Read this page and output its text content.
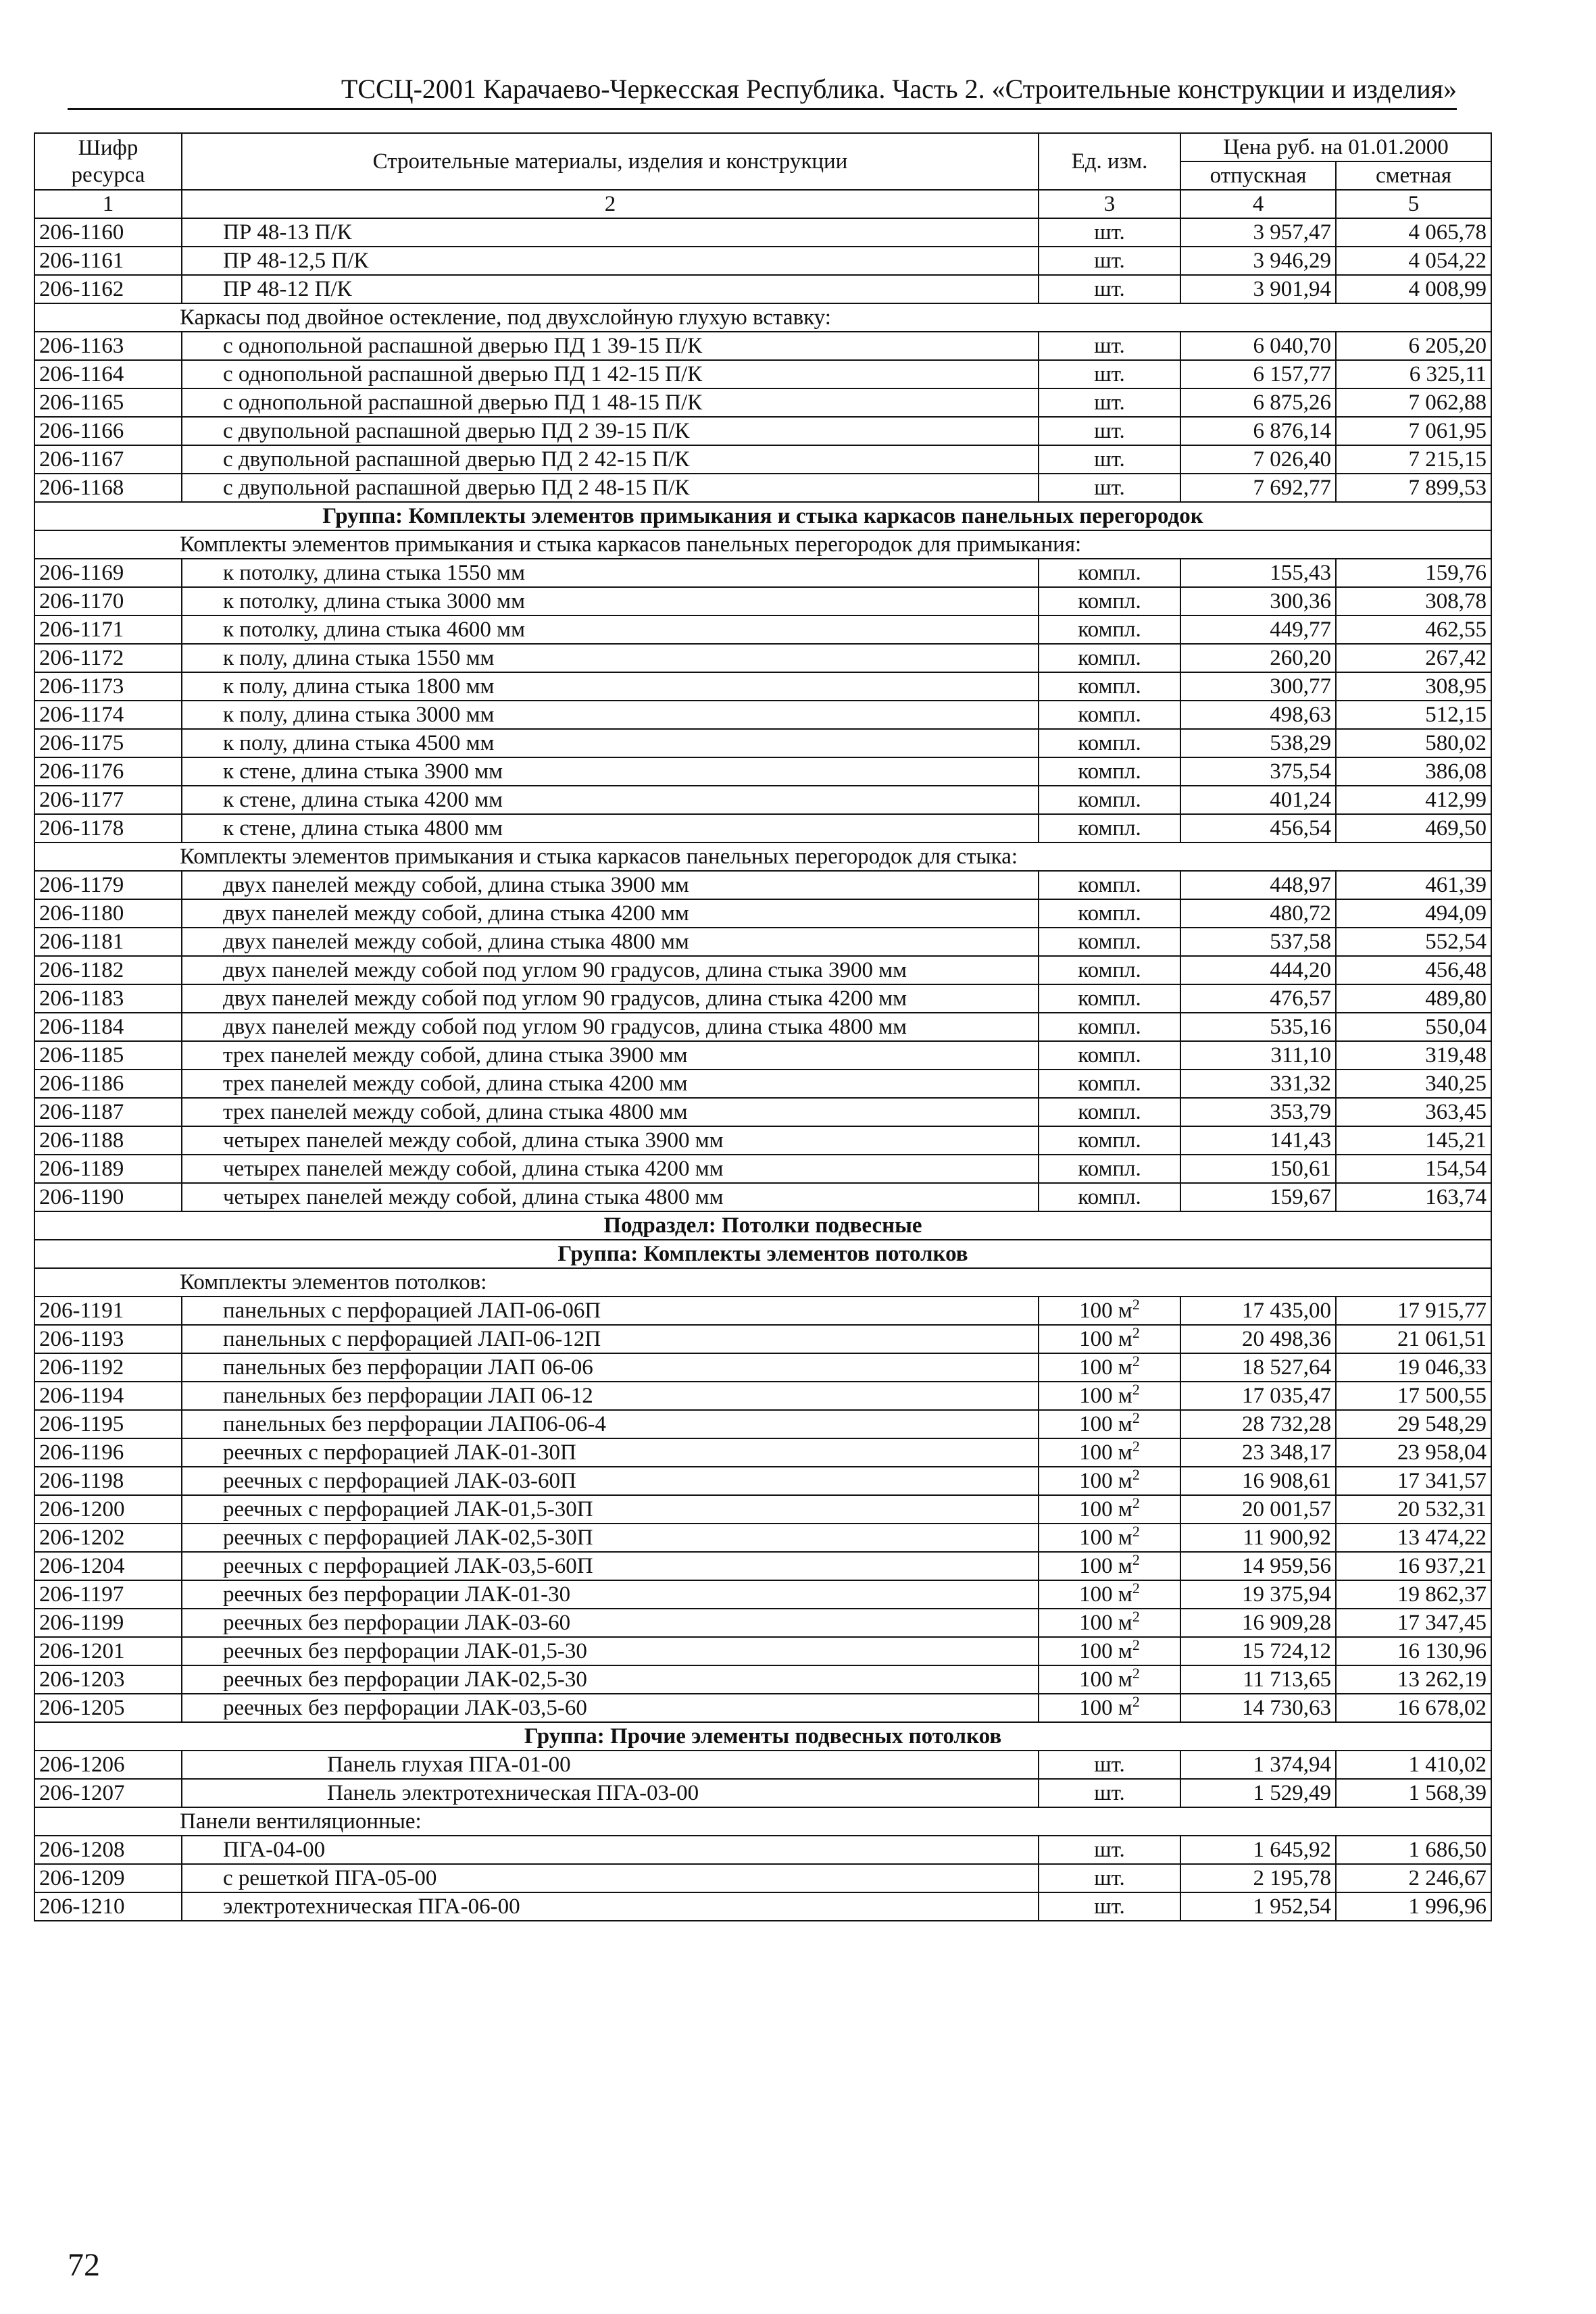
ТССЦ-2001 Карачаево-Черкесская Республика. Часть 2. «Строительные конструкции и изделия»
Шифр ресурса	Строительные материалы, изделия и конструкции	Ед. изм.	Цена руб. на 01.01.2000	
			отпускная	сметная
1	2	3	4	5
206-1160	ПР 48-13 П/К	шт.	3 957,47	4 065,78
206-1161	ПР 48-12,5 П/К	шт.	3 946,29	4 054,22
206-1162	ПР 48-12 П/К	шт.	3 901,94	4 008,99
Каркасы под двойное остекление, под двухслойную глухую вставку:				
206-1163	с однопольной распашной дверью ПД 1 39-15 П/К	шт.	6 040,70	6 205,20
206-1164	с однопольной распашной дверью ПД 1 42-15 П/К	шт.	6 157,77	6 325,11
206-1165	с однопольной распашной дверью ПД 1 48-15 П/К	шт.	6 875,26	7 062,88
206-1166	с двупольной распашной дверью ПД 2 39-15 П/К	шт.	6 876,14	7 061,95
206-1167	с двупольной распашной дверью ПД 2 42-15 П/К	шт.	7 026,40	7 215,15
206-1168	с двупольной распашной дверью ПД 2 48-15 П/К	шт.	7 692,77	7 899,53
Группа: Комплекты элементов примыкания и стыка каркасов панельных перегородок				
Комплекты элементов примыкания и стыка каркасов панельных перегородок для примыкания:				
206-1169	к потолку, длина стыка 1550 мм	компл.	155,43	159,76
206-1170	к потолку, длина стыка 3000 мм	компл.	300,36	308,78
206-1171	к потолку, длина стыка 4600 мм	компл.	449,77	462,55
206-1172	к полу, длина стыка 1550 мм	компл.	260,20	267,42
206-1173	к полу, длина стыка 1800 мм	компл.	300,77	308,95
206-1174	к полу, длина стыка 3000 мм	компл.	498,63	512,15
206-1175	к полу, длина стыка 4500 мм	компл.	538,29	580,02
206-1176	к стене, длина стыка 3900 мм	компл.	375,54	386,08
206-1177	к стене, длина стыка 4200 мм	компл.	401,24	412,99
206-1178	к стене, длина стыка 4800 мм	компл.	456,54	469,50
Комплекты элементов примыкания и стыка каркасов панельных перегородок для стыка:				
206-1179	двух панелей между собой, длина стыка 3900 мм	компл.	448,97	461,39
206-1180	двух панелей между собой, длина стыка 4200 мм	компл.	480,72	494,09
206-1181	двух панелей между собой, длина стыка 4800 мм	компл.	537,58	552,54
206-1182	двух панелей между собой под углом 90 градусов, длина стыка 3900 мм	компл.	444,20	456,48
206-1183	двух панелей между собой под углом 90 градусов, длина стыка 4200 мм	компл.	476,57	489,80
206-1184	двух панелей между собой под углом 90 градусов, длина стыка 4800 мм	компл.	535,16	550,04
206-1185	трех панелей между собой, длина стыка 3900 мм	компл.	311,10	319,48
206-1186	трех панелей между собой, длина стыка 4200 мм	компл.	331,32	340,25
206-1187	трех панелей между собой, длина стыка 4800 мм	компл.	353,79	363,45
206-1188	четырех панелей между собой, длина стыка 3900 мм	компл.	141,43	145,21
206-1189	четырех панелей между собой, длина стыка 4200 мм	компл.	150,61	154,54
206-1190	четырех панелей между собой, длина стыка 4800 мм	компл.	159,67	163,74
Подраздел: Потолки подвесные				
Группа: Комплекты элементов потолков				
Комплекты элементов потолков:				
206-1191	панельных с перфорацией ЛАП-06-06П	100 $м^2$	17 435,00	17 915,77
206-1193	панельных с перфорацией ЛАП-06-12П	100 $м^2$	20 498,36	21 061,51
206-1192	панельных без перфорации ЛАП 06-06	100 $м^2$	18 527,64	19 046,33
206-1194	панельных без перфорации ЛАП 06-12	100 $м^2$	17 035,47	17 500,55
206-1195	панельных без перфорации ЛАП06-06-4	100 $м^2$	28 732,28	29 548,29
206-1196	реечных с перфорацией ЛАК-01-30П	100 $м^2$	23 348,17	23 958,04
206-1198	реечных с перфорацией ЛАК-03-60П	100 $м^2$	16 908,61	17 341,57
206-1200	реечных с перфорацией ЛАК-01,5-30П	100 $м^2$	20 001,57	20 532,31
206-1202	реечных с перфорацией ЛАК-02,5-30П	100 $м^2$	11 900,92	13 474,22
206-1204	реечных с перфорацией ЛАК-03,5-60П	100 $м^2$	14 959,56	16 937,21
206-1197	реечных без перфорации ЛАК-01-30	100 $м^2$	19 375,94	19 862,37
206-1199	реечных без перфорации ЛАК-03-60	100 $м^2$	16 909,28	17 347,45
206-1201	реечных без перфорации ЛАК-01,5-30	100 $м^2$	15 724,12	16 130,96
206-1203	реечных без перфорации ЛАК-02,5-30	100 $м^2$	11 713,65	13 262,19
206-1205	реечных без перфорации ЛАК-03,5-60	100 $м^2$	14 730,63	16 678,02
Группа: Прочие элементы подвесных потолков				
206-1206	Панель глухая ПГА-01-00	шт.	1 374,94	1 410,02
206-1207	Панель электротехническая ПГА-03-00	шт.	1 529,49	1 568,39
Панели вентиляционные:				
206-1208	ПГА-04-00	шт.	1 645,92	1 686,50
206-1209	с решеткой ПГА-05-00	шт.	2 195,78	2 246,67
206-1210	электротехническая ПГА-06-00	шт.	1 952,54	1 996,96
72
